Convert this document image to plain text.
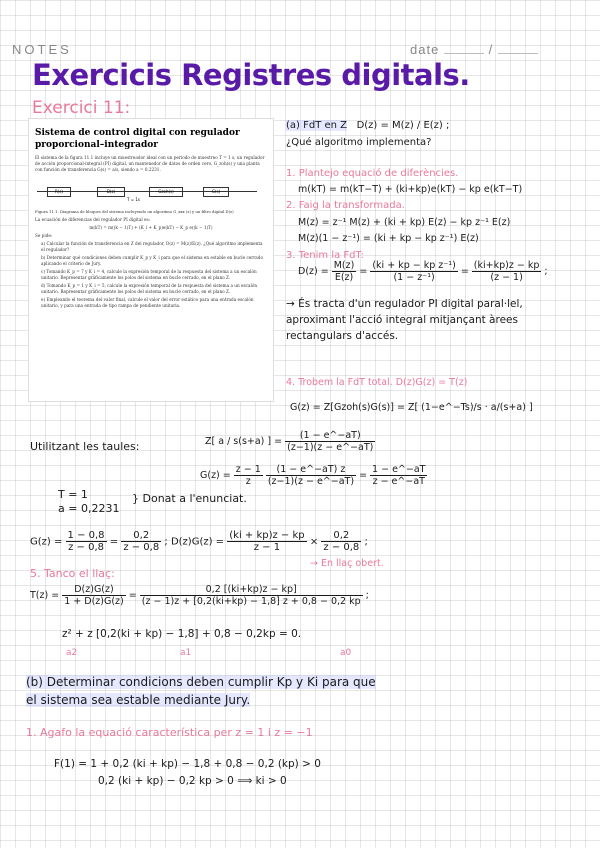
NOTES	date	/
Exercicis Registres digitals.
Exercici 11:
Sistema de control digital con regulador proporcional–integrador
El sistema de la figura 11.1 incluye un muestreador ideal con un periodo de muestreo T = 1 s, un regulador de acción proporcional-integral (PI) digital, un mantenedor de datos de orden cero, G_zoh(s) y una planta con función de transferencia G(s) = a/s, siendo a = 0.2231.
R(s)	D(z)	Gzoh(s)	G(s)
T = 1s
Figura 11.1. Diagrama de bloques del sistema incluyendo un algoritmo G_xxx (z) y un filtro digital D(z)
La ecuación de diferencias del regulador PI digital es:
m(kT) = m((k − 1)T) + (K_i + K_p)e(kT) − K_p e((k − 1)T)
Se pide:
a) Calcular la función de transferencia en Z del regulador, D(z) = M(z)/E(z). ¿Qué algoritmo implementa el regulador?
b) Determinar qué condiciones deben cumplir K_p y K_i para que el sistema en estable en bucle cerrado aplicando el criterio de Jury.
c) Tomando K_p = 7 y K_i = 4, calcule la expresión temporal de la respuesta del sistema a un escalón unitario. Representar gráficamente los polos del sistema en bucle cerrado, en el plano Z.
d) Tomando K_p = 1 y K_i = 5, calcule la expresión temporal de la respuesta del sistema a un escalón unitario. Representar gráficamente los polos del sistema en bucle cerrado, en el plano Z.
e) Empleando el teorema del valor final, calcule el valor del error estático para una entrada escalón unitario, y para una entrada de tipo rampa de pendiente unitaria.
(a) FdT en Z D(z) = M(z) / E(z) ;
¿Qué algoritmo implementa?
1. Plantejo equació de diferències.
m(kT) = m(kT−T) + (ki+kp)e(kT) − kp e(kT−T)
2. Faig la transformada.
M(z) = z⁻¹ M(z) + (ki + kp) E(z) − kp z⁻¹ E(z)
M(z)(1 − z⁻¹) = (ki + kp − kp z⁻¹) E(z)
3. Tenim la FdT:
$D(z) = \frac{M(z)}{E(z)} = \frac{\text{(ki + kp − kp z⁻¹)}}{\text{(1 − z⁻¹)}} = \frac{(ki+kp)z - kp}{(z - 1)}$ ;
→ És tracta d'un regulador PI digital paral·lel, aproximant l'acció integral mitjançant àrees rectangulars d'accés.
4. Trobem la FdT total. D(z)G(z) = T(z)
G(z) = Z[Gzoh(s)G(s)] = Z[ (1−e^−Ts)/s · a/(s+a) ]
Utilitzant les taules:	Z[ a / s(s+a) ] = $\frac{(1 - e\^{}-aT)}{(z-1)(z - e\^{}-aT)}$
$G(z) = \frac{z - 1}{z}$
$\frac{(1 - e\^{}-aT) z}{(z-1)(z - e\^{}-aT)} = \frac{1 - e\^{}-aT}{z - e\^{}-aT}$
T = 1
a = 0,2231
} Donat a l'enunciat.
$G(z) = \frac{1 - 0,8}{z - 0,8} = \frac{0,2}{z - 0,8}$ ; $D(z)G(z) = \frac{(ki + kp)z - kp}{z - 1} \times \frac{0,2}{z - 0,8}$ ;
→ En llaç obert.
5. Tanco el llaç:
$T(z) = \frac{D(z)G(z)}{1 + D(z)G(z)} = \frac{0,2 [(ki+kp)z - kp]}{(z - 1)z + [0,2(ki+kp) - 1,8] z + 0,8 - 0,2 kp}$ ;
z² + z [0,2(ki + kp) − 1,8] + 0,8 − 0,2kp = 0.
a2	a1	a0
(b) Determinar condicions deben cumplir Kp y Ki para que
el sistema sea estable mediante Jury.
1. Agafo la equació característica per z = 1 i z = −1
F(1) = 1 + 0,2 (ki + kp) − 1,8 + 0,8 − 0,2 (kp) > 0
0,2 (ki + kp) − 0,2 kp > 0 ⟹ ki > 0
